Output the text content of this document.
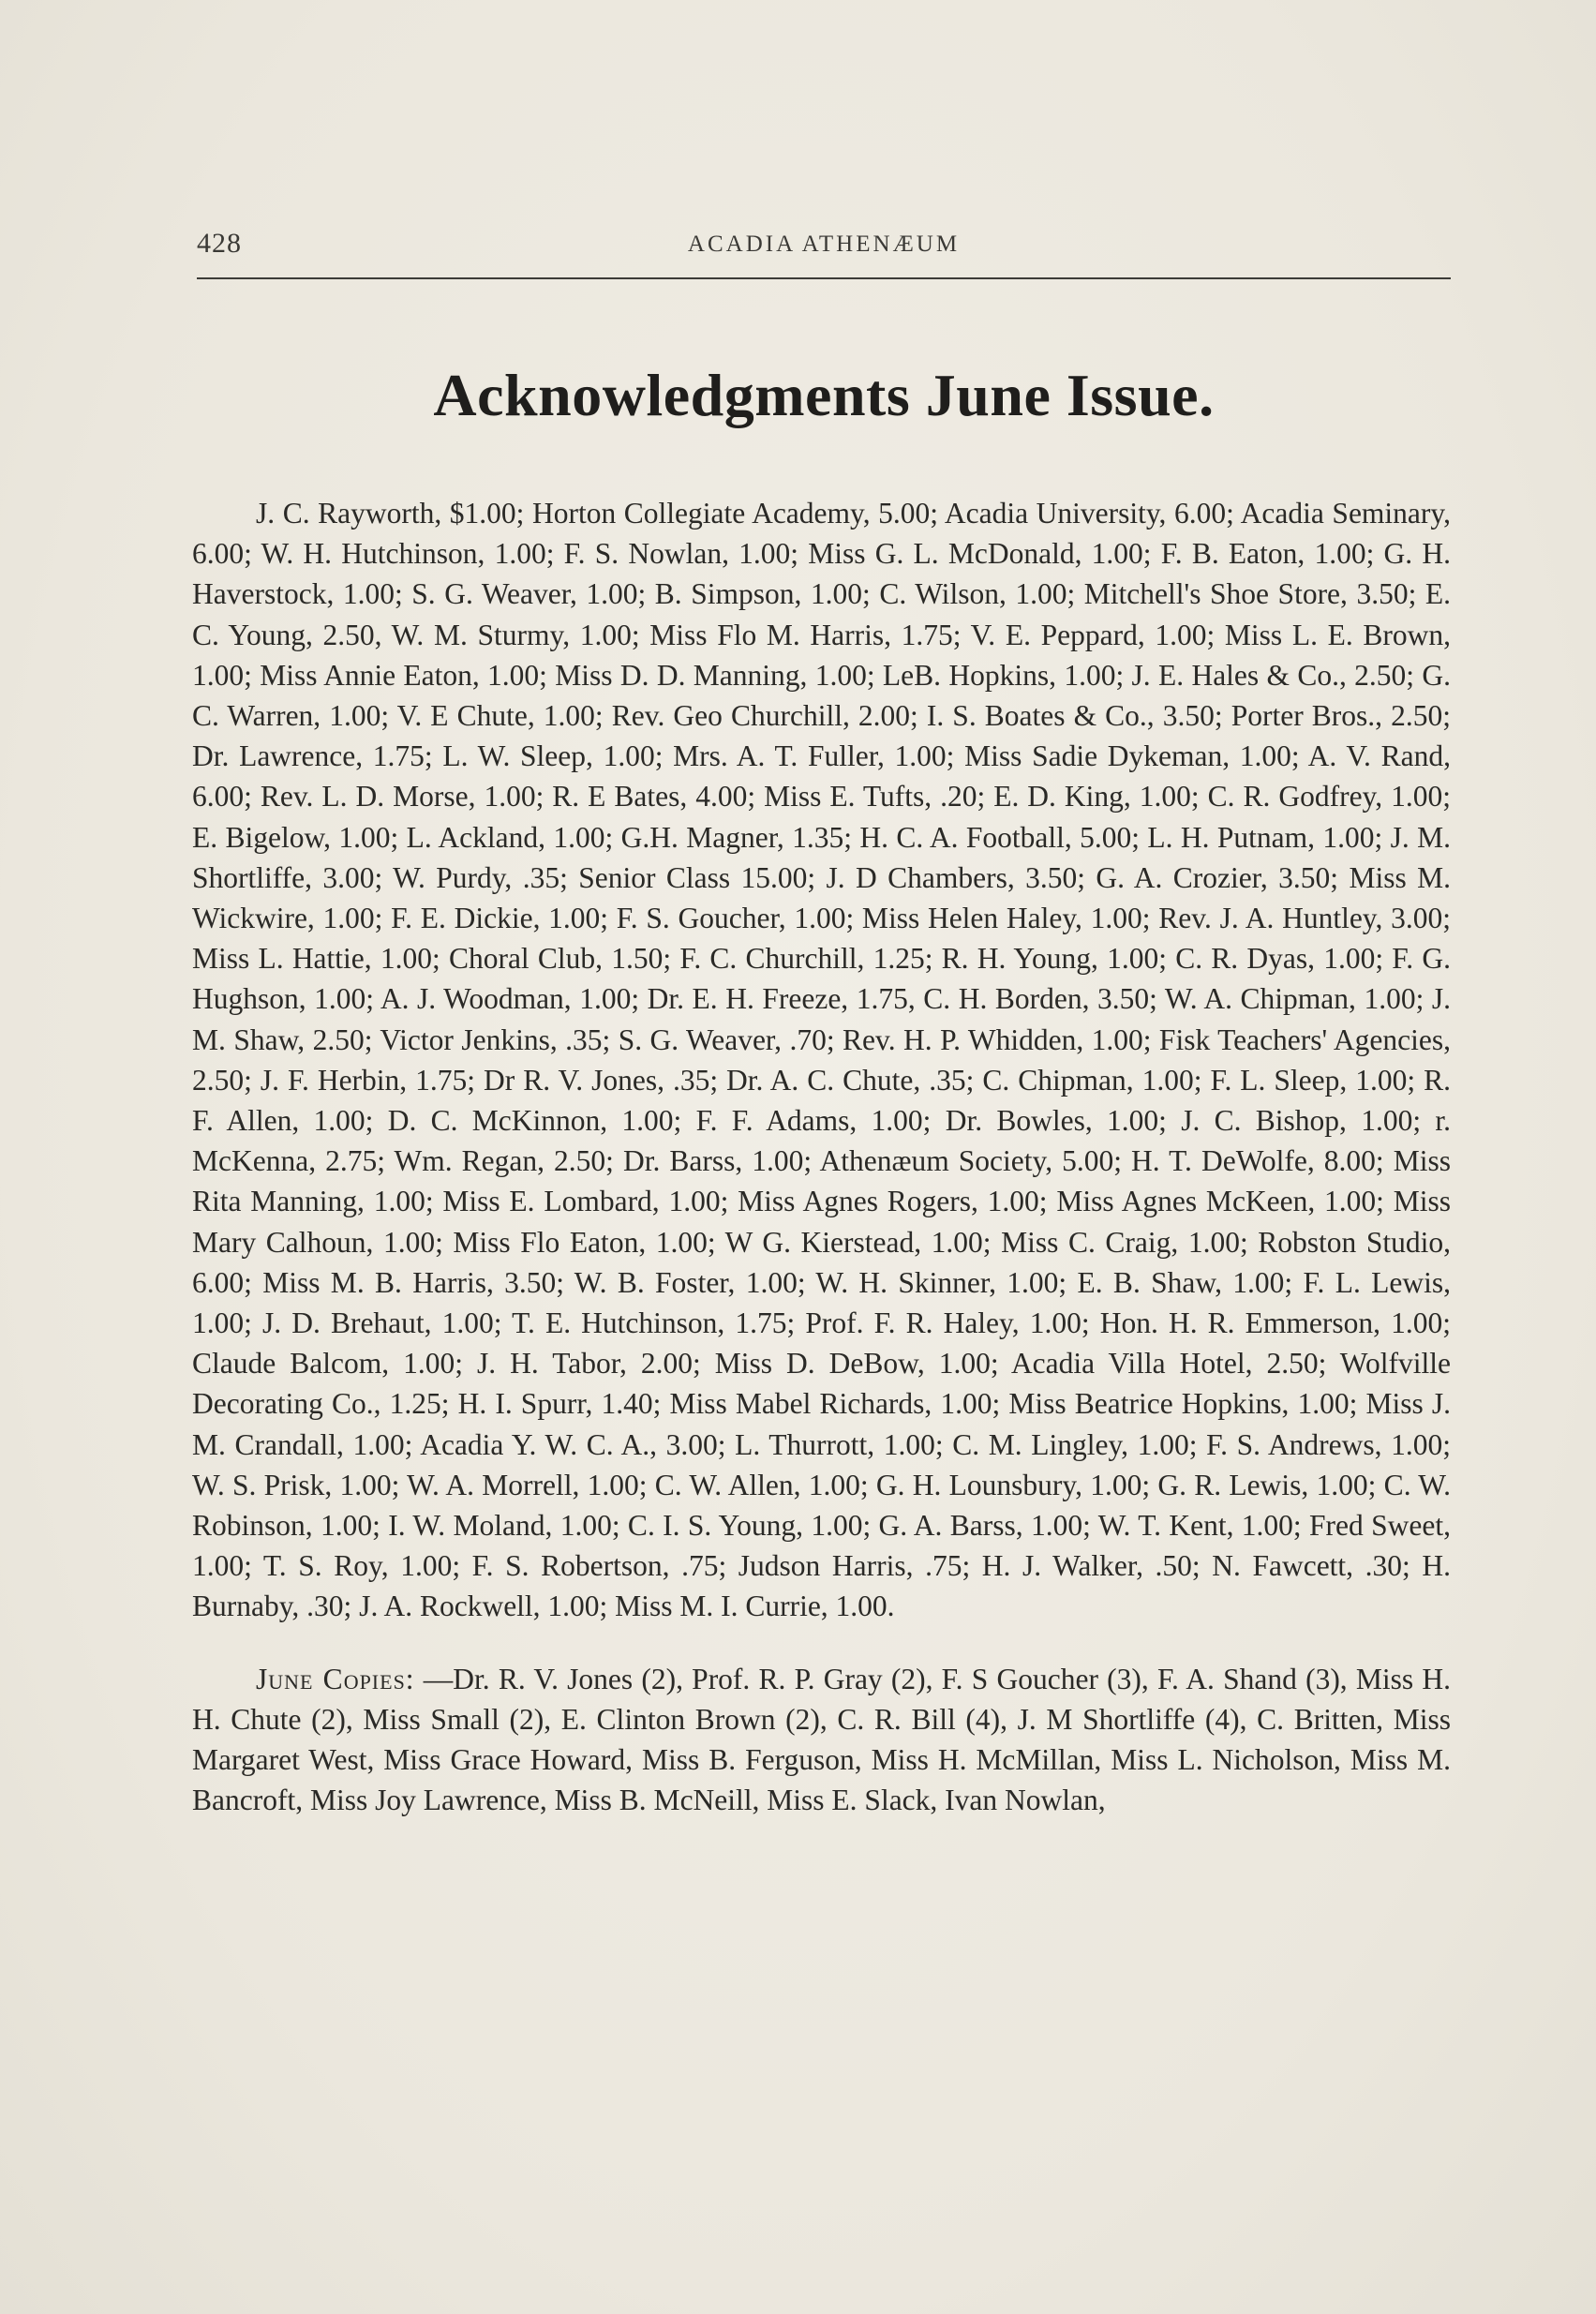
428	ACADIA ATHENÆUM
Acknowledgments June Issue.

J. C. Rayworth, $1.00; Horton Collegiate Academy, 5.00; Acadia University, 6.00; Acadia Seminary, 6.00; W. H. Hutchinson, 1.00; F. S. Nowlan, 1.00; Miss G. L. McDonald, 1.00; F. B. Eaton, 1.00; G. H. Haverstock, 1.00; S. G. Weaver, 1.00; B. Simpson, 1.00; C. Wilson, 1.00; Mitchell's Shoe Store, 3.50; E. C. Young, 2.50, W. M. Sturmy, 1.00; Miss Flo M. Harris, 1.75; V. E. Peppard, 1.00; Miss L. E. Brown, 1.00; Miss Annie Eaton, 1.00; Miss D. D. Manning, 1.00; LeB. Hopkins, 1.00; J. E. Hales & Co., 2.50; G. C. Warren, 1.00; V. E Chute, 1.00; Rev. Geo Churchill, 2.00; I. S. Boates & Co., 3.50; Porter Bros., 2.50; Dr. Lawrence, 1.75; L. W. Sleep, 1.00; Mrs. A. T. Fuller, 1.00; Miss Sadie Dykeman, 1.00; A. V. Rand, 6.00; Rev. L. D. Morse, 1.00; R. E Bates, 4.00; Miss E. Tufts, .20; E. D. King, 1.00; C. R. Godfrey, 1.00; E. Bigelow, 1.00; L. Ackland, 1.00; G.H. Magner, 1.35; H. C. A. Football, 5.00; L. H. Putnam, 1.00; J. M. Shortliffe, 3.00; W. Purdy, .35; Senior Class 15.00; J. D Chambers, 3.50; G. A. Crozier, 3.50; Miss M. Wickwire, 1.00; F. E. Dickie, 1.00; F. S. Goucher, 1.00; Miss Helen Haley, 1.00; Rev. J. A. Huntley, 3.00; Miss L. Hattie, 1.00; Choral Club, 1.50; F. C. Churchill, 1.25; R. H. Young, 1.00; C. R. Dyas, 1.00; F. G. Hughson, 1.00; A. J. Woodman, 1.00; Dr. E. H. Freeze, 1.75, C. H. Borden, 3.50; W. A. Chipman, 1.00; J. M. Shaw, 2.50; Victor Jenkins, .35; S. G. Weaver, .70; Rev. H. P. Whidden, 1.00; Fisk Teachers' Agencies, 2.50; J. F. Herbin, 1.75; Dr R. V. Jones, .35; Dr. A. C. Chute, .35; C. Chipman, 1.00; F. L. Sleep, 1.00; R. F. Allen, 1.00; D. C. McKinnon, 1.00; F. F. Adams, 1.00; Dr. Bowles, 1.00; J. C. Bishop, 1.00; r. McKenna, 2.75; Wm. Regan, 2.50; Dr. Barss, 1.00; Athenæum Society, 5.00; H. T. DeWolfe, 8.00; Miss Rita Manning, 1.00; Miss E. Lombard, 1.00; Miss Agnes Rogers, 1.00; Miss Agnes McKeen, 1.00; Miss Mary Calhoun, 1.00; Miss Flo Eaton, 1.00; W G. Kierstead, 1.00; Miss C. Craig, 1.00; Robston Studio, 6.00; Miss M. B. Harris, 3.50; W. B. Foster, 1.00; W. H. Skinner, 1.00; E. B. Shaw, 1.00; F. L. Lewis, 1.00; J. D. Brehaut, 1.00; T. E. Hutchinson, 1.75; Prof. F. R. Haley, 1.00; Hon. H. R. Emmerson, 1.00; Claude Balcom, 1.00; J. H. Tabor, 2.00; Miss D. DeBow, 1.00; Acadia Villa Hotel, 2.50; Wolfville Decorating Co., 1.25; H. I. Spurr, 1.40; Miss Mabel Richards, 1.00; Miss Beatrice Hopkins, 1.00; Miss J. M. Crandall, 1.00; Acadia Y. W. C. A., 3.00; L. Thurrott, 1.00; C. M. Lingley, 1.00; F. S. Andrews, 1.00; W. S. Prisk, 1.00; W. A. Morrell, 1.00; C. W. Allen, 1.00; G. H. Lounsbury, 1.00; G. R. Lewis, 1.00; C. W. Robinson, 1.00; I. W. Moland, 1.00; C. I. S. Young, 1.00; G. A. Barss, 1.00; W. T. Kent, 1.00; Fred Sweet, 1.00; T. S. Roy, 1.00; F. S. Robertson, .75; Judson Harris, .75; H. J. Walker, .50; N. Fawcett, .30; H. Burnaby, .30; J. A. Rockwell, 1.00; Miss M. I. Currie, 1.00.

June Copies: —Dr. R. V. Jones (2), Prof. R. P. Gray (2), F. S Goucher (3), F. A. Shand (3), Miss H. H. Chute (2), Miss Small (2), E. Clinton Brown (2), C. R. Bill (4), J. M Shortliffe (4), C. Britten, Miss Margaret West, Miss Grace Howard, Miss B. Ferguson, Miss H. McMillan, Miss L. Nicholson, Miss M. Bancroft, Miss Joy Lawrence, Miss B. McNeill, Miss E. Slack, Ivan Nowlan,
